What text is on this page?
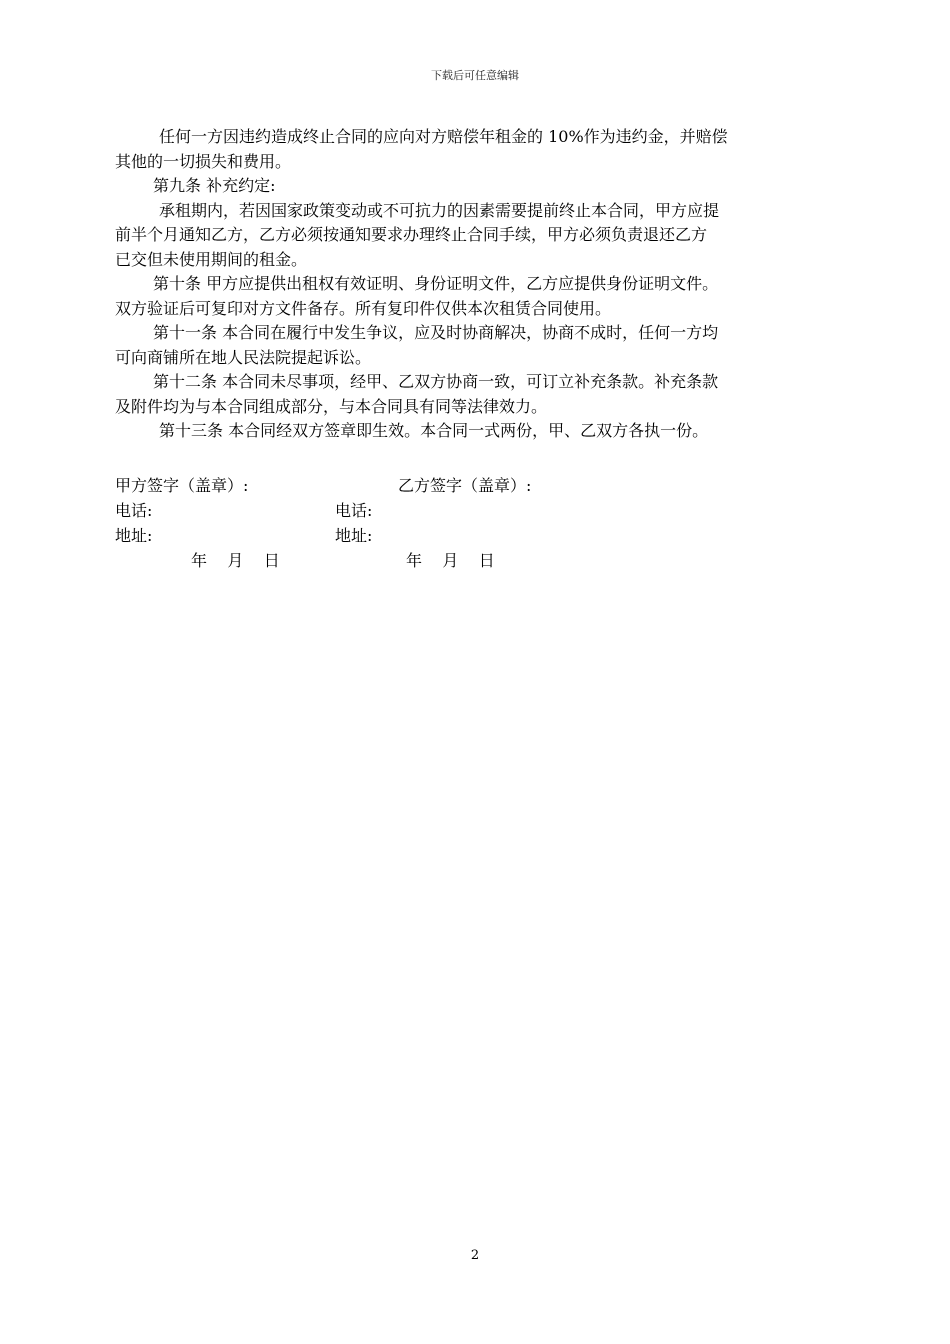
下载后可任意编辑
任何一方因违约造成终止合同的应向对方赔偿年租金的 10%作为违约金，并赔偿
其他的一切损失和费用。
第九条 补充约定:
承租期内，若因国家政策变动或不可抗力的因素需要提前终止本合同，甲方应提
前半个月通知乙方，乙方必须按通知要求办理终止合同手续，甲方必须负责退还乙方
已交但未使用期间的租金。
第十条 甲方应提供出租权有效证明、身份证明文件，乙方应提供身份证明文件。
双方验证后可复印对方文件备存。所有复印件仅供本次租赁合同使用。
第十一条 本合同在履行中发生争议，应及时协商解决，协商不成时，任何一方均
可向商铺所在地人民法院提起诉讼。
第十二条 本合同未尽事项，经甲、乙双方协商一致，可订立补充条款。补充条款
及附件均为与本合同组成部分，与本合同具有同等法律效力。
第十三条 本合同经双方签章即生效。本合同一式两份，甲、乙双方各执一份。
甲方签字（盖章）:	乙方签字（盖章）:
电话:	电话:
地址:	地址:
年    月    日	年    月    日
2
